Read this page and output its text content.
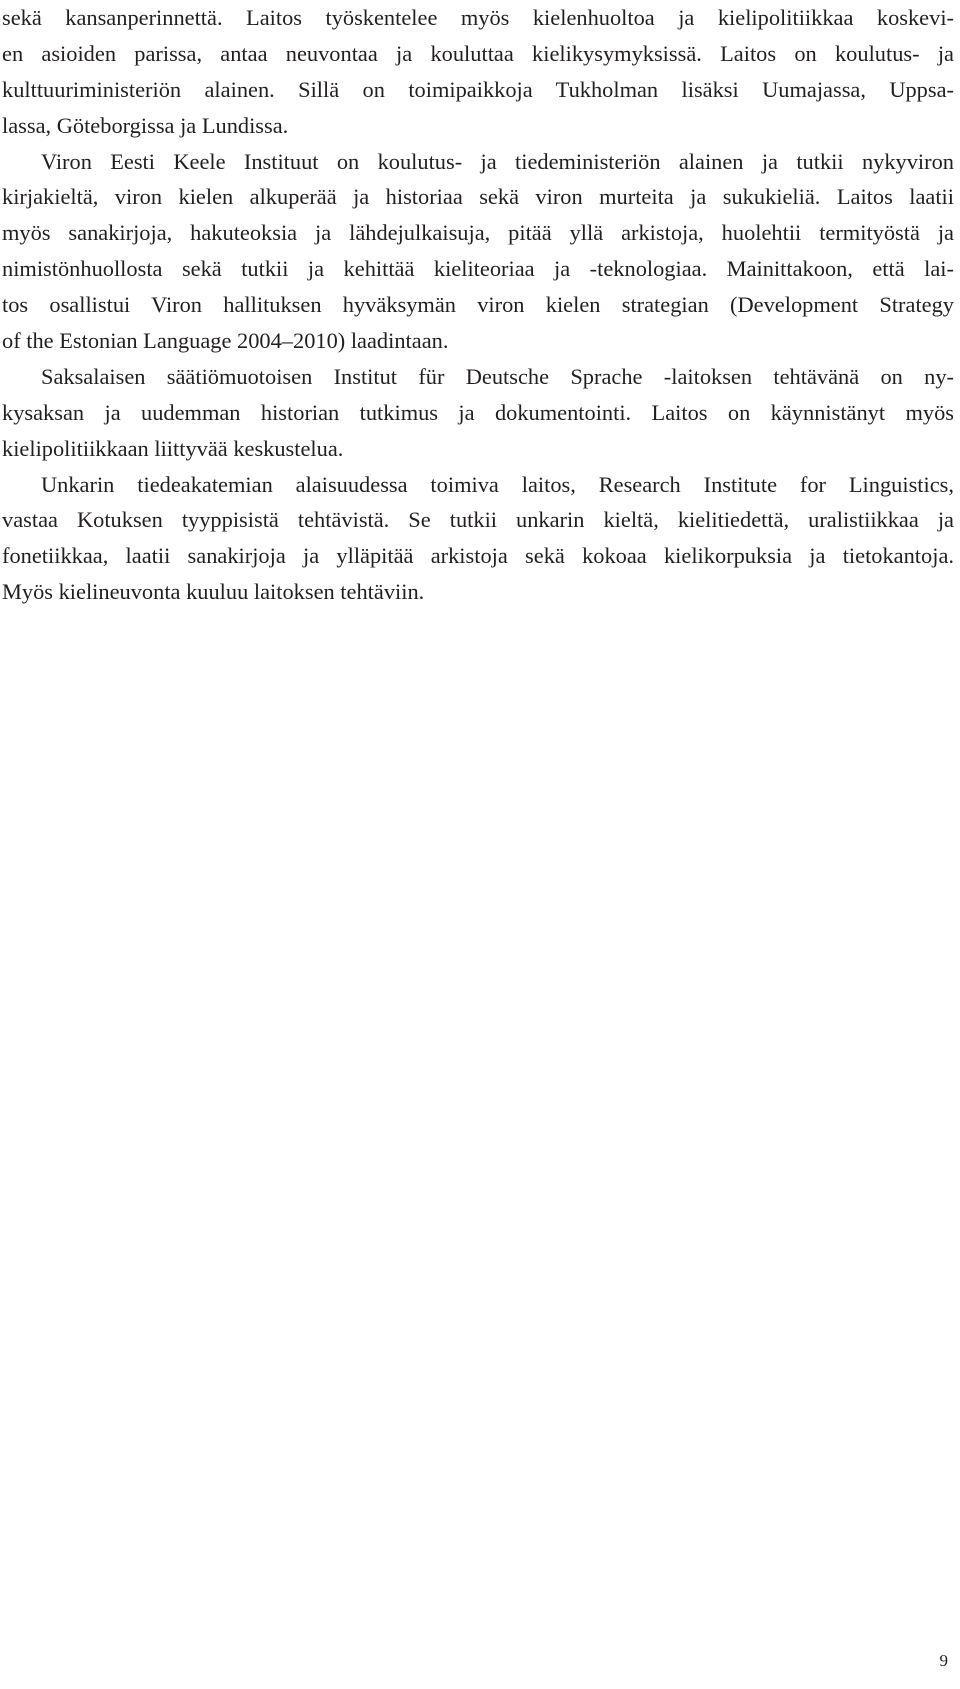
sekä kansanperinnettä. Laitos työskentelee myös kielenhuoltoa ja kielipolitiikkaa koskevi-
en asioiden parissa, antaa neuvontaa ja kouluttaa kielikysymyksissä. Laitos on koulutus- ja
kulttuuriministeriön alainen. Sillä on toimipaikkoja Tukholman lisäksi Uumajassa, Uppsa-
lassa, Göteborgissa ja Lundissa.
Viron Eesti Keele Instituut on koulutus- ja tiedeministeriön alainen ja tutkii nykyviron
kirjakieltä, viron kielen alkuperää ja historiaa sekä viron murteita ja sukukieliä. Laitos laatii
myös sanakirjoja, hakuteoksia ja lähdejulkaisuja, pitää yllä arkistoja, huolehtii termityöstä ja
nimistönhuollosta sekä tutkii ja kehittää kieliteoriaa ja -teknologiaa. Mainittakoon, että lai-
tos osallistui Viron hallituksen hyväksymän viron kielen strategian (Development Strategy
of the Estonian Language 2004–2010) laadintaan.
Saksalaisen säätiömuotoisen Institut für Deutsche Sprache -laitoksen tehtävänä on ny-
kysaksan ja uudemman historian tutkimus ja dokumentointi. Laitos on käynnistänyt myös
kielipolitiikkaan liittyvää keskustelua.
Unkarin tiedeakatemian alaisuudessa toimiva laitos, Research Institute for Linguistics,
vastaa Kotuksen tyyppisistä tehtävistä. Se tutkii unkarin kieltä, kielitiedettä, uralistiikkaa ja
fonetiikkaa, laatii sanakirjoja ja ylläpitää arkistoja sekä kokoaa kielikorpuksia ja tietokantoja.
Myös kielineuvonta kuuluu laitoksen tehtäviin.
9
